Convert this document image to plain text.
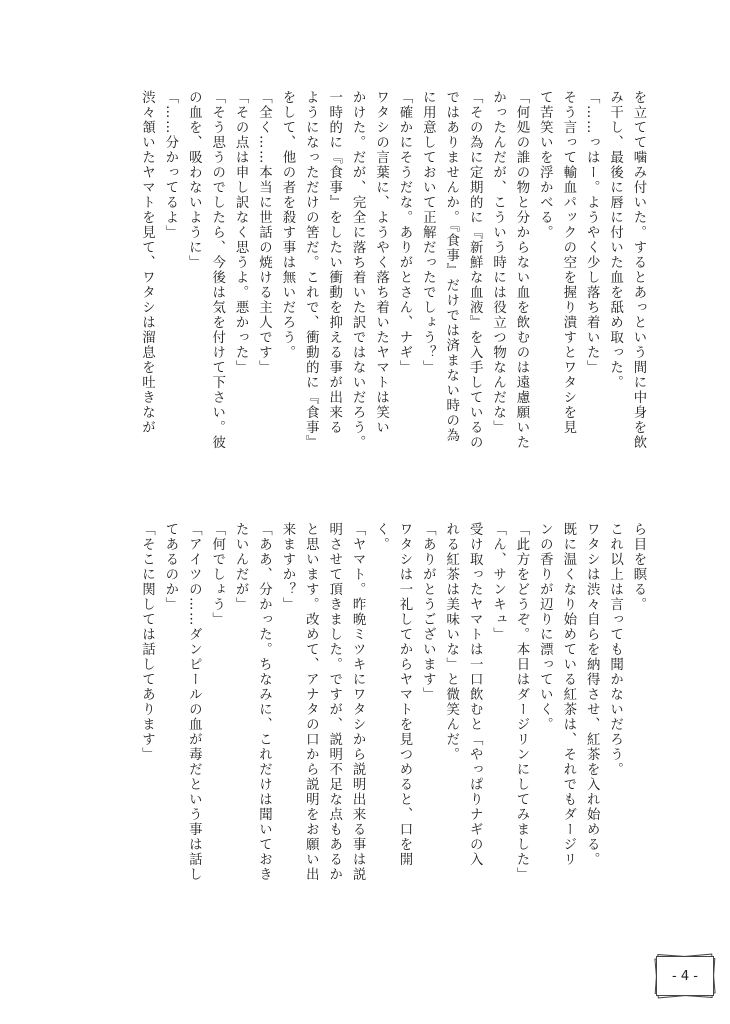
を立てて噛み付いた。するとあっという間に中身を飲
み干し、最後に唇に付いた血を舐め取った。
「……っはー。ようやく少し落ち着いた」
そう言って輸血パックの空を握り潰すとワタシを見
て苦笑いを浮かべる。
「何処の誰の物と分からない血を飲むのは遠慮願いた
かったんだが、こういう時には役立つ物なんだな」
「その為に定期的に『新鮮な血液』を入手しているの
ではありませんか。『食事』だけでは済まない時の為
に用意しておいて正解だったでしょう？」
「確かにそうだな。ありがとさん、ナギ」
ワタシの言葉に、ようやく落ち着いたヤマトは笑い
かけた。だが、完全に落ち着いた訳ではないだろう。
一時的に『食事』をしたい衝動を抑える事が出来る
ようになっただけの筈だ。これで、衝動的に『食事』
をして、他の者を殺す事は無いだろう。
「全く……本当に世話の焼ける主人です」
「その点は申し訳なく思うよ。悪かった」
「そう思うのでしたら、今後は気を付けて下さい。彼
の血を、吸わないように」
「……分かってるよ」
渋々頷いたヤマトを見て、ワタシは溜息を吐きなが
ら目を瞑る。
これ以上は言っても聞かないだろう。
ワタシは渋々自らを納得させ、紅茶を入れ始める。
既に温くなり始めている紅茶は、それでもダージリ
ンの香りが辺りに漂っていく。
「此方をどうぞ。本日はダージリンにしてみました」
「ん、サンキュ」
受け取ったヤマトは一口飲むと「やっぱりナギの入
れる紅茶は美味いな」と微笑んだ。
「ありがとうございます」
ワタシは一礼してからヤマトを見つめると、口を開
く。
「ヤマト。昨晩ミツキにワタシから説明出来る事は説
明させて頂きました。ですが、説明不足な点もあるか
と思います。改めて、アナタの口から説明をお願い出
来ますか？」
「ああ、分かった。ちなみに、これだけは聞いておき
たいんだが」
「何でしょう」
「アイツの……ダンピールの血が毒だという事は話し
てあるのか」
「そこに関しては話してあります」
- 4 -
